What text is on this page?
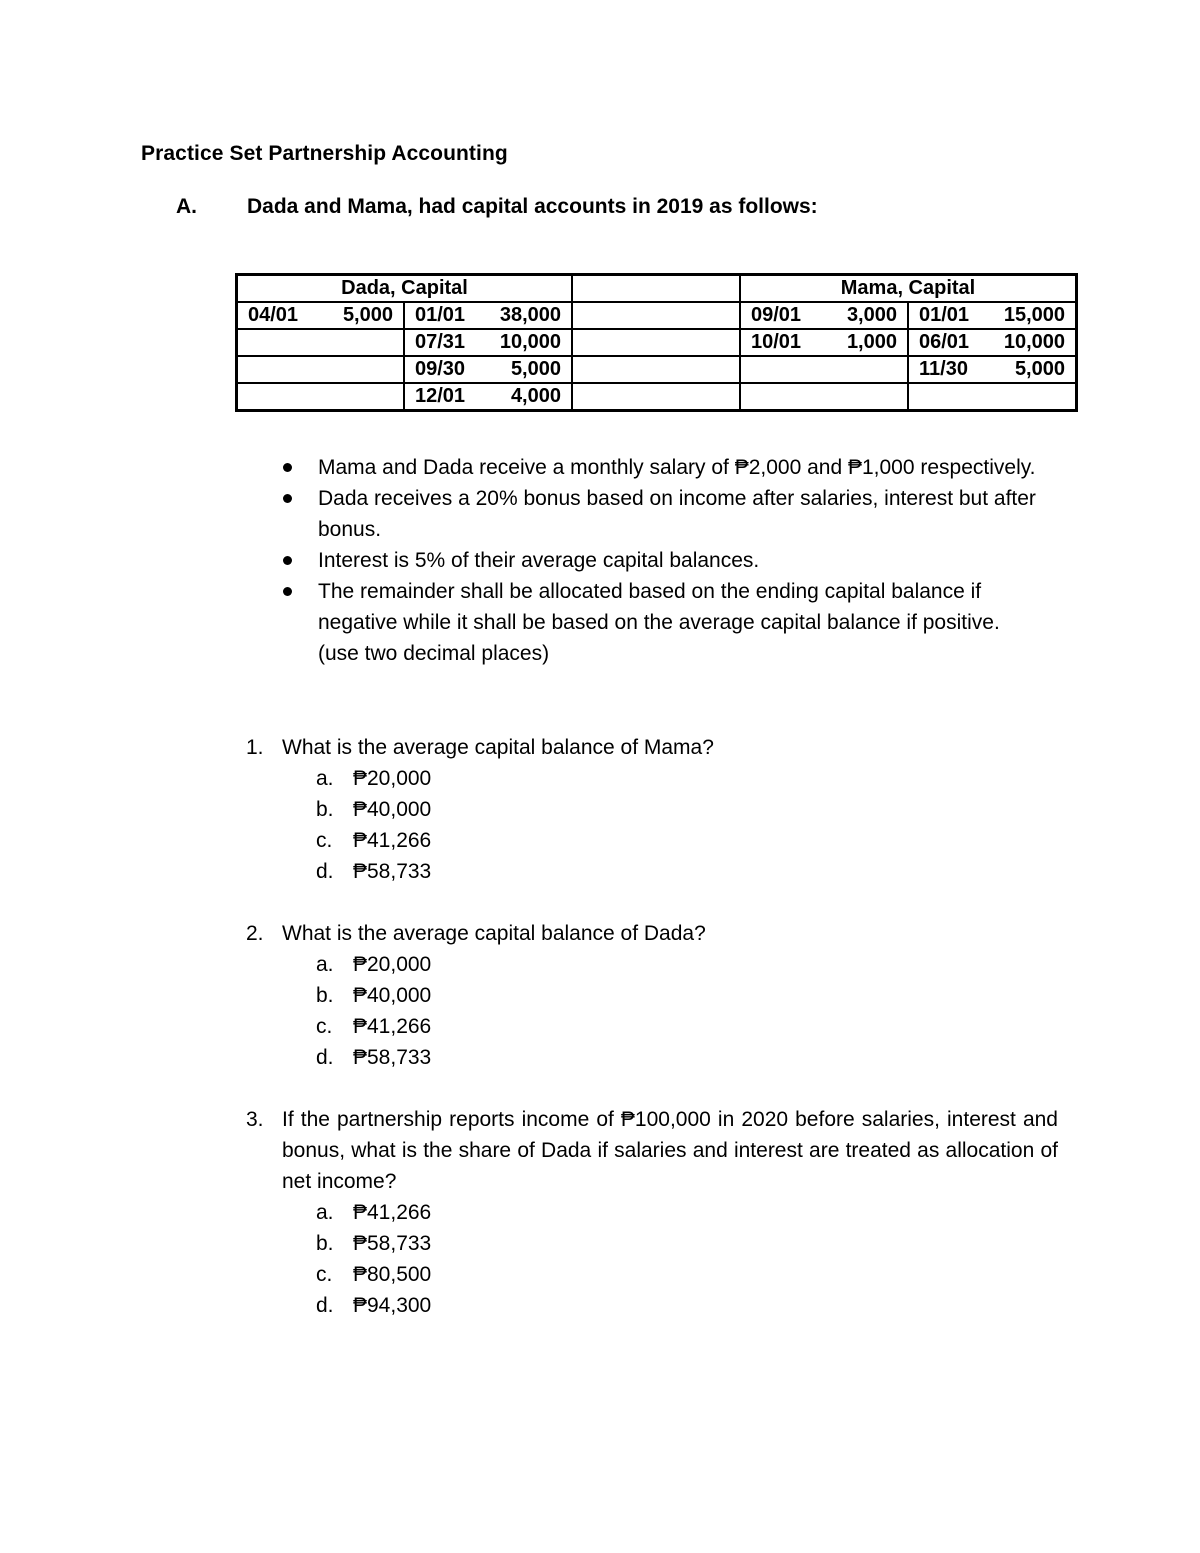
Practice Set Partnership Accounting
A. Dada and Mama, had capital accounts in 2019 as follows:
Dada, Capital			Mama, Capital	

04/01 5,000	01/01 38,000		09/01 3,000	01/01 15,000

	07/31 10,000		10/01 1,000	06/01 10,000

	09/30 5,000			11/30 5,000

	12/01 4,000			

Mama and Dada receive a monthly salary of ₱2,000 and ₱1,000 respectively.
Dada receives a 20% bonus based on income after salaries, interest but after bonus.
Interest is 5% of their average capital balances.
The remainder shall be allocated based on the ending capital balance if negative while it shall be based on the average capital balance if positive. (use two decimal places)
1. What is the average capital balance of Mama?
a. ₱20,000
b. ₱40,000
c. ₱41,266
d. ₱58,733
2. What is the average capital balance of Dada?
a. ₱20,000
b. ₱40,000
c. ₱41,266
d. ₱58,733
3. If the partnership reports income of ₱100,000 in 2020 before salaries, interest and bonus, what is the share of Dada if salaries and interest are treated as allocation of net income?
a. ₱41,266
b. ₱58,733
c. ₱80,500
d. ₱94,300
